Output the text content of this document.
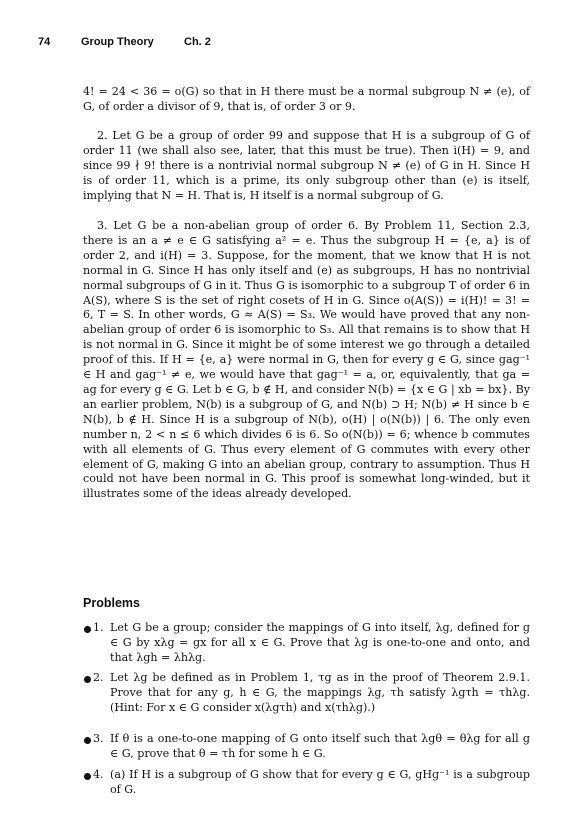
74	Group Theory	Ch. 2

4! = 24 < 36 = o(G) so that in H there must be a normal subgroup N ≠ (e), of G, of order a divisor of 9, that is, of order 3 or 9.

2. Let G be a group of order 99 and suppose that H is a subgroup of G of order 11 (we shall also see, later, that this must be true). Then i(H) = 9, and since 99 ∤ 9! there is a nontrivial normal subgroup N ≠ (e) of G in H. Since H is of order 11, which is a prime, its only subgroup other than (e) is itself, implying that N = H. That is, H itself is a normal subgroup of G.

3. Let G be a non-abelian group of order 6. By Problem 11, Section 2.3, there is an a ≠ e ∈ G satisfying a² = e. Thus the subgroup H = {e, a} is of order 2, and i(H) = 3. Suppose, for the moment, that we know that H is not normal in G. Since H has only itself and (e) as subgroups, H has no nontrivial normal subgroups of G in it. Thus G is isomorphic to a subgroup T of order 6 in A(S), where S is the set of right cosets of H in G. Since o(A(S)) = i(H)! = 3! = 6, T = S. In other words, G ≈ A(S) = S₃. We would have proved that any non-abelian group of order 6 is isomorphic to S₃. All that remains is to show that H is not normal in G. Since it might be of some interest we go through a detailed proof of this. If H = {e, a} were normal in G, then for every g ∈ G, since gag⁻¹ ∈ H and gag⁻¹ ≠ e, we would have that gag⁻¹ = a, or, equivalently, that ga = ag for every g ∈ G. Let b ∈ G, b ∉ H, and consider N(b) = {x ∈ G | xb = bx}. By an earlier problem, N(b) is a subgroup of G, and N(b) ⊃ H; N(b) ≠ H since b ∈ N(b), b ∉ H. Since H is a subgroup of N(b), o(H) | o(N(b)) | 6. The only even number n, 2 < n ≤ 6 which divides 6 is 6. So o(N(b)) = 6; whence b commutes with all elements of G. Thus every element of G commutes with every other element of G, making G into an abelian group, contrary to assumption. Thus H could not have been normal in G. This proof is somewhat long-winded, but it illustrates some of the ideas already developed.

Problems
1. Let G be a group; consider the mappings of G into itself, λg, defined for g ∈ G by xλg = gx for all x ∈ G. Prove that λg is one-to-one and onto, and that λgh = λhλg.
2. Let λg be defined as in Problem 1, τg as in the proof of Theorem 2.9.1. Prove that for any g, h ∈ G, the mappings λg, τh satisfy λgτh = τhλg. (Hint: For x ∈ G consider x(λgτh) and x(τhλg).)
3. If θ is a one-to-one mapping of G onto itself such that λgθ = θλg for all g ∈ G, prove that θ = τh for some h ∈ G.
4. (a) If H is a subgroup of G show that for every g ∈ G, gHg⁻¹ is a subgroup of G.
